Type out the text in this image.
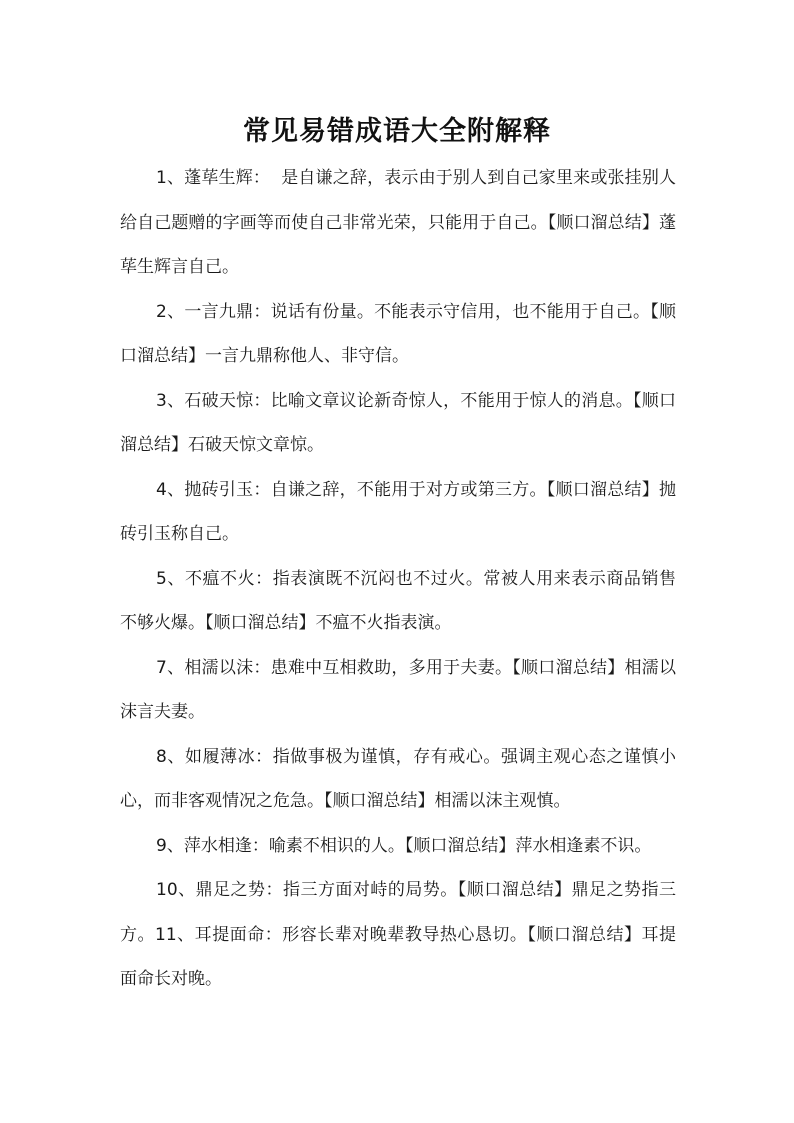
常见易错成语大全附解释

1、蓬荜生辉：  是自谦之辞，表示由于别人到自己家里来或张挂别人给自己题赠的字画等而使自己非常光荣，只能用于自己。【顺口溜总结】蓬荜生辉言自己。

2、一言九鼎：说话有份量。不能表示守信用，也不能用于自己。【顺口溜总结】一言九鼎称他人、非守信。

3、石破天惊：比喻文章议论新奇惊人，不能用于惊人的消息。【顺口溜总结】石破天惊文章惊。

4、抛砖引玉：自谦之辞，不能用于对方或第三方。【顺口溜总结】抛砖引玉称自己。

5、不瘟不火：指表演既不沉闷也不过火。常被人用来表示商品销售不够火爆。【顺口溜总结】不瘟不火指表演。

7、相濡以沫：患难中互相救助，多用于夫妻。【顺口溜总结】相濡以沫言夫妻。

8、如履薄冰：指做事极为谨慎，存有戒心。强调主观心态之谨慎小心，而非客观情况之危急。【顺口溜总结】相濡以沫主观慎。

9、萍水相逢：喻素不相识的人。【顺口溜总结】萍水相逢素不识。

10、鼎足之势：指三方面对峙的局势。【顺口溜总结】鼎足之势指三方。11、耳提面命：形容长辈对晚辈教导热心恳切。【顺口溜总结】耳提面命长对晚。
